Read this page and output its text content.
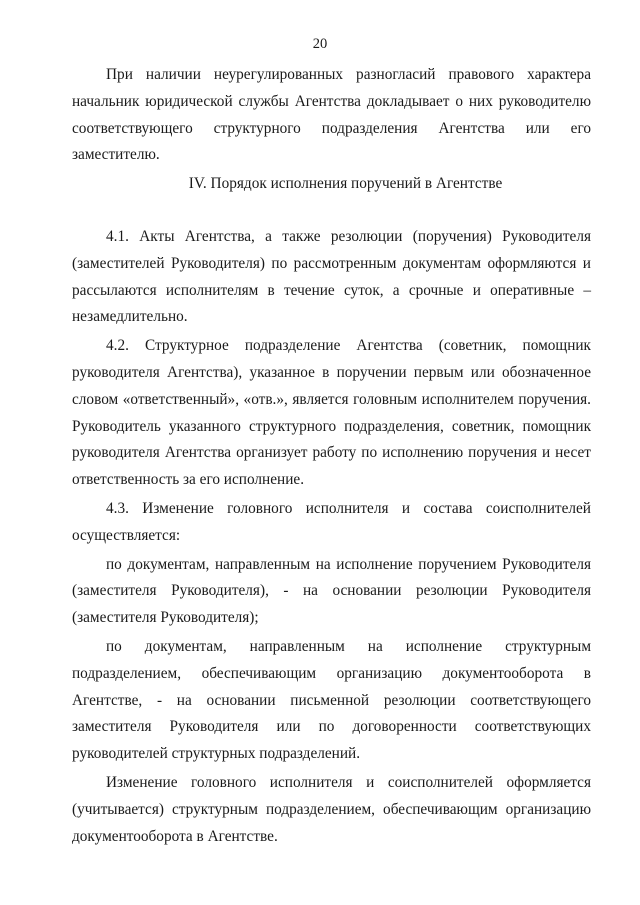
20

При наличии неурегулированных разногласий правового характера начальник юридической службы Агентства докладывает о них руководителю соответствующего структурного подразделения Агентства или его заместителю.

IV. Порядок исполнения поручений в Агентстве

4.1. Акты Агентства, а также резолюции (поручения) Руководителя (заместителей Руководителя) по рассмотренным документам оформляются и рассылаются исполнителям в течение суток, а срочные и оперативные – незамедлительно.

4.2. Структурное подразделение Агентства (советник, помощник руководителя Агентства), указанное в поручении первым или обозначенное словом «ответственный», «отв.», является головным исполнителем поручения. Руководитель указанного структурного подразделения, советник, помощник руководителя Агентства организует работу по исполнению поручения и несет ответственность за его исполнение.

4.3. Изменение головного исполнителя и состава соисполнителей осуществляется:

по документам, направленным на исполнение поручением Руководителя (заместителя Руководителя), - на основании резолюции Руководителя (заместителя Руководителя);

по документам, направленным на исполнение структурным подразделением, обеспечивающим организацию документооборота в Агентстве, - на основании письменной резолюции соответствующего заместителя Руководителя или по договоренности соответствующих руководителей структурных подразделений.

Изменение головного исполнителя и соисполнителей оформляется (учитывается) структурным подразделением, обеспечивающим организацию документооборота в Агентстве.
